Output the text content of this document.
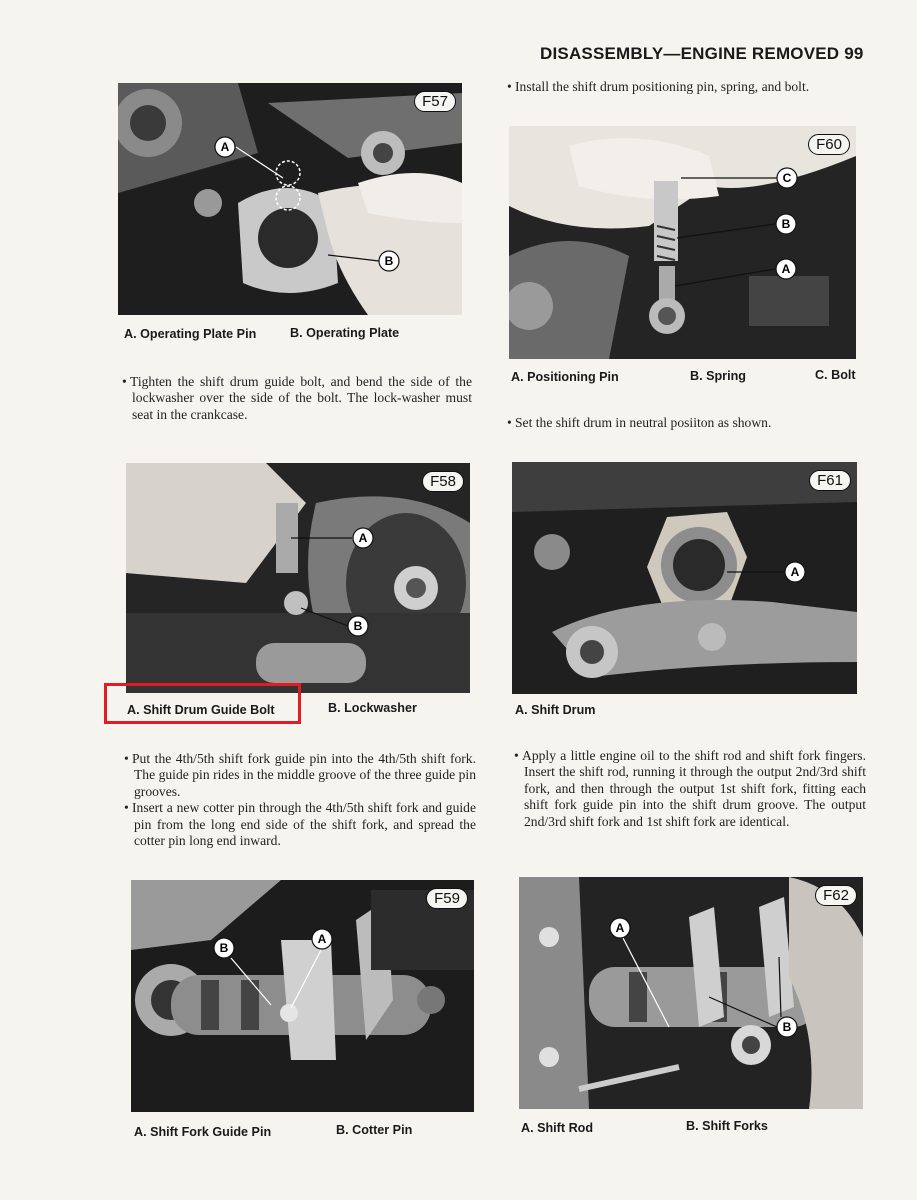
DISASSEMBLY—ENGINE REMOVED 99

• Tighten the shift drum guide bolt, and bend the side of the lockwasher over the side of the bolt. The lock-washer must seat in the crankcase.

• Put the 4th/5th shift fork guide pin into the 4th/5th shift fork. The guide pin rides in the middle groove of the three guide pin grooves.

• Insert a new cotter pin through the 4th/5th shift fork and guide pin from the long end side of the shift fork, and spread the cotter pin long end inward.

• Install the shift drum positioning pin, spring, and bolt.

• Set the shift drum in neutral posiiton as shown.

• Apply a little engine oil to the shift rod and shift fork fingers. Insert the shift rod, running it through the output 2nd/3rd shift fork, and then through the output 1st shift fork, fitting each shift fork guide pin into the shift drum groove. The output 2nd/3rd shift fork and 1st shift fork are identical.

A
B
F57
A. Operating Plate Pin	B. Operating Plate
A
B
F58
A. Shift Drum Guide Bolt	B. Lockwasher
B
A
F59
A. Shift Fork Guide Pin	B. Cotter Pin
C
B
A
F60
A. Positioning Pin	B. Spring	C. Bolt
A
F61
A. Shift Drum
A
B
F62
A. Shift Rod	B. Shift Forks
